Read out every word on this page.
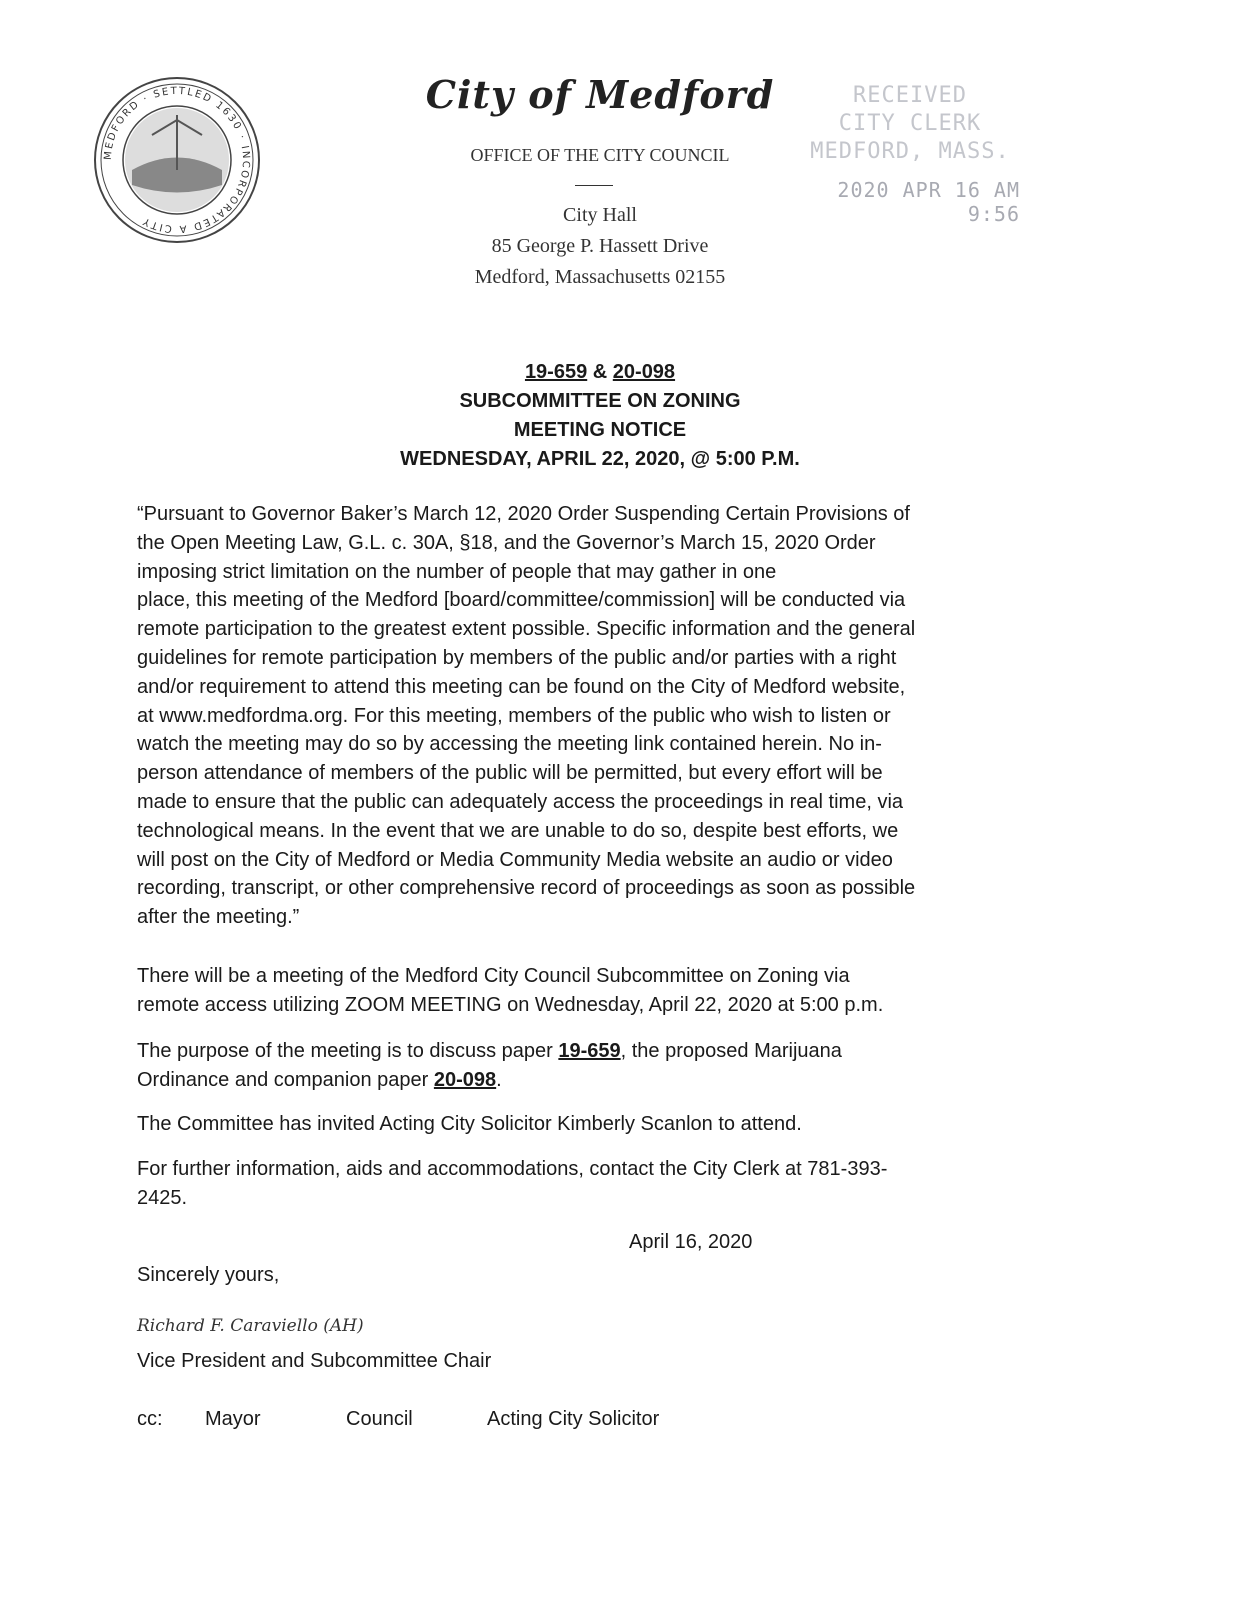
MEDFORD · SETTLED 1630 · INCORPORATED A CITY
City of Medford
OFFICE OF THE CITY COUNCIL
City Hall
85 George P. Hassett Drive
Medford, Massachusetts 02155
RECEIVED
CITY CLERK
MEDFORD, MASS.
2020 APR 16 AM 9:56
19-659 & 20-098
SUBCOMMITTEE ON ZONING
MEETING NOTICE
WEDNESDAY, APRIL 22, 2020, @ 5:00 P.M.
“Pursuant to Governor Baker’s March 12, 2020 Order Suspending Certain Provisions of
the Open Meeting Law, G.L. c. 30A, §18, and the Governor’s March 15, 2020 Order
imposing strict limitation on the number of people that may gather in one
place, this meeting of the Medford [board/committee/commission] will be conducted via
remote participation to the greatest extent possible. Specific information and the general
guidelines for remote participation by members of the public and/or parties with a right
and/or requirement to attend this meeting can be found on the City of Medford website,
at www.medfordma.org. For this meeting, members of the public who wish to listen or
watch the meeting may do so by accessing the meeting link contained herein. No in-
person attendance of members of the public will be permitted, but every effort will be
made to ensure that the public can adequately access the proceedings in real time, via
technological means. In the event that we are unable to do so, despite best efforts, we
will post on the City of Medford or Media Community Media website an audio or video
recording, transcript, or other comprehensive record of proceedings as soon as possible
after the meeting.”
There will be a meeting of the Medford City Council Subcommittee on Zoning via
remote access utilizing ZOOM MEETING on Wednesday, April 22, 2020 at 5:00 p.m.
The purpose of the meeting is to discuss paper 19-659, the proposed Marijuana
Ordinance and companion paper 20-098.
The Committee has invited Acting City Solicitor Kimberly Scanlon to attend.
For further information, aids and accommodations, contact the City Clerk at 781-393-
2425.
April 16, 2020
Sincerely yours,
Richard F. Caraviello (AH)
Vice President and Subcommittee Chair
cc: Mayor	Council	Acting City Solicitor
